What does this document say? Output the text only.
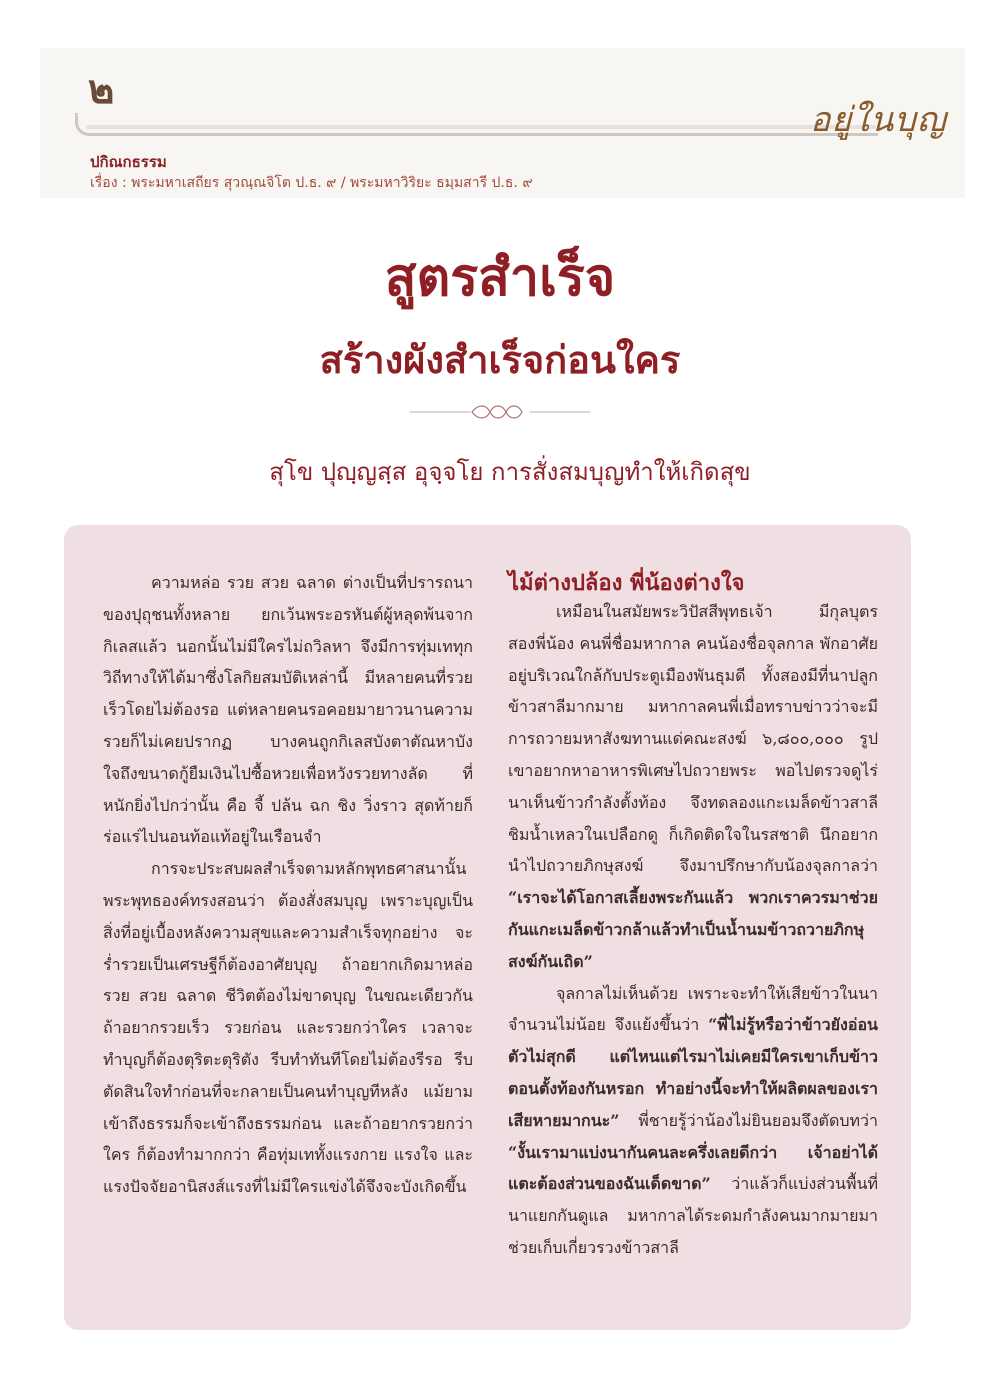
๒
อยู่ในบุญ
ปกิณกธรรม
เรื่อง : พระมหาเสถียร สุวณฺณจิโต ป.ธ. ๙ / พระมหาวิริยะ ธมฺมสารี ป.ธ. ๙
สูตรสำเร็จ
สร้างผังสำเร็จก่อนใคร
สุโข ปุญฺญสฺส อุจฺจโย การสั่งสมบุญทำให้เกิดสุข

ความหล่อ รวย สวย ฉลาด ต่างเป็นที่ปรารถนาของปุถุชนทั้งหลาย ยกเว้นพระอรหันต์ผู้หลุดพ้นจากกิเลสแล้ว นอกนั้นไม่มีใครไม่ถวิลหา จึงมีการทุ่มเททุกวิถีทางให้ได้มาซึ่งโลกิยสมบัติเหล่านี้ มีหลายคนที่รวยเร็วโดยไม่ต้องรอ แต่หลายคนรอคอยมายาวนานความรวยก็ไม่เคยปรากฏ บางคนถูกกิเลสบังตาตัณหาบังใจถึงขนาดกู้ยืมเงินไปซื้อหวยเพื่อหวังรวยทางลัด ที่หนักยิ่งไปกว่านั้น คือ จี้ ปล้น ฉก ชิง วิ่งราว สุดท้ายก็ร่อแร่ไปนอนท้อแท้อยู่ในเรือนจำ

การจะประสบผลสำเร็จตามหลักพุทธศาสนานั้น พระพุทธองค์ทรงสอนว่า ต้องสั่งสมบุญ เพราะบุญเป็นสิ่งที่อยู่เบื้องหลังความสุขและความสำเร็จทุกอย่าง จะร่ำรวยเป็นเศรษฐีก็ต้องอาศัยบุญ ถ้าอยากเกิดมาหล่อ รวย สวย ฉลาด ชีวิตต้องไม่ขาดบุญ ในขณะเดียวกัน ถ้าอยากรวยเร็ว รวยก่อน และรวยกว่าใคร เวลาจะทำบุญก็ต้องตุริตะตุริตัง รีบทำทันทีโดยไม่ต้องรีรอ รีบตัดสินใจทำก่อนที่จะกลายเป็นคนทำบุญทีหลัง แม้ยามเข้าถึงธรรมก็จะเข้าถึงธรรมก่อน และถ้าอยากรวยกว่าใคร ก็ต้องทำมากกว่า คือทุ่มเททั้งแรงกาย แรงใจ และแรงปัจจัยอานิสงส์แรงที่ไม่มีใครแข่งได้จึงจะบังเกิดขึ้น

ไม้ต่างปล้อง พี่น้องต่างใจ

เหมือนในสมัยพระวิปัสสีพุทธเจ้า มีกุลบุตรสองพี่น้อง คนพี่ชื่อมหากาล คนน้องชื่อจุลกาล พักอาศัยอยู่บริเวณใกล้กับประตูเมืองพันธุมดี ทั้งสองมีที่นาปลูกข้าวสาลีมากมาย มหากาลคนพี่เมื่อทราบข่าวว่าจะมีการถวายมหาสังฆทานแด่คณะสงฆ์ ๖,๘๐๐,๐๐๐ รูป เขาอยากหาอาหารพิเศษไปถวายพระ พอไปตรวจดูไร่นาเห็นข้าวกำลังตั้งท้อง จึงทดลองแกะเมล็ดข้าวสาลีชิมน้ำเหลวในเปลือกดู ก็เกิดติดใจในรสชาติ นึกอยากนำไปถวายภิกษุสงฆ์ จึงมาปรึกษากับน้องจุลกาลว่า “เราจะได้โอกาสเลี้ยงพระกันแล้ว พวกเราควรมาช่วยกันแกะเมล็ดข้าวกล้าแล้วทำเป็นน้ำนมข้าวถวายภิกษุสงฆ์กันเถิด”

จุลกาลไม่เห็นด้วย เพราะจะทำให้เสียข้าวในนาจำนวนไม่น้อย จึงแย้งขึ้นว่า “พี่ไม่รู้หรือว่าข้าวยังอ่อนตัวไม่สุกดี แต่ไหนแต่ไรมาไม่เคยมีใครเขาเก็บข้าวตอนตั้งท้องกันหรอก ทำอย่างนี้จะทำให้ผลิตผลของเราเสียหายมากนะ” พี่ชายรู้ว่าน้องไม่ยินยอมจึงตัดบทว่า “งั้นเรามาแบ่งนากันคนละครึ่งเลยดีกว่า เจ้าอย่าได้แตะต้องส่วนของฉันเด็ดขาด” ว่าแล้วก็แบ่งส่วนพื้นที่นาแยกกันดูแล มหากาลได้ระดมกำลังคนมากมายมาช่วยเก็บเกี่ยวรวงข้าวสาลี
